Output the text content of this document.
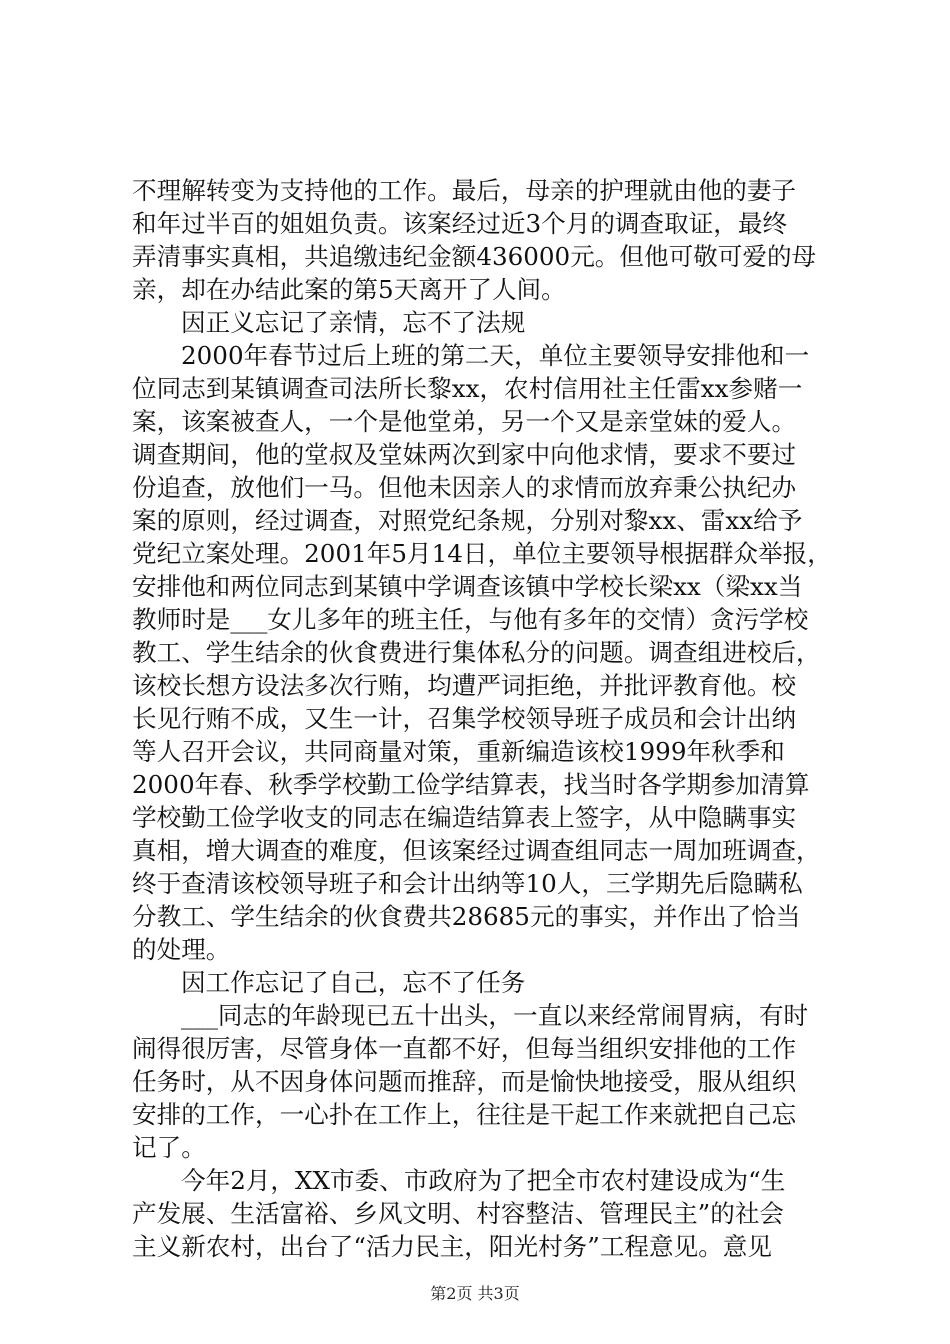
不理解转变为支持他的工作。最后，母亲的护理就由他的妻子
和年过半百的姐姐负责。该案经过近3个月的调查取证，最终
弄清事实真相，共追缴违纪金额436000元。但他可敬可爱的母
亲，却在办结此案的第5天离开了人间。
因正义忘记了亲情，忘不了法规
2000年春节过后上班的第二天，单位主要领导安排他和一
位同志到某镇调查司法所长黎xx，农村信用社主任雷xx参赌一
案，该案被查人，一个是他堂弟，另一个又是亲堂妹的爱人。
调查期间，他的堂叔及堂妹两次到家中向他求情，要求不要过
份追查，放他们一马。但他未因亲人的求情而放弃秉公执纪办
案的原则，经过调查，对照党纪条规，分别对黎xx、雷xx给予
党纪立案处理。2001年5月14日，单位主要领导根据群众举报，
安排他和两位同志到某镇中学调查该镇中学校长梁xx（梁xx当
教师时是___女儿多年的班主任，与他有多年的交情）贪污学校
教工、学生结余的伙食费进行集体私分的问题。调查组进校后，
该校长想方设法多次行贿，均遭严词拒绝，并批评教育他。校
长见行贿不成，又生一计，召集学校领导班子成员和会计出纳
等人召开会议，共同商量对策，重新编造该校1999年秋季和
2000年春、秋季学校勤工俭学结算表，找当时各学期参加清算
学校勤工俭学收支的同志在编造结算表上签字，从中隐瞒事实
真相，增大调查的难度，但该案经过调查组同志一周加班调查，
终于查清该校领导班子和会计出纳等10人，三学期先后隐瞒私
分教工、学生结余的伙食费共28685元的事实，并作出了恰当
的处理。
因工作忘记了自己，忘不了任务
___同志的年龄现已五十出头，一直以来经常闹胃病，有时
闹得很厉害，尽管身体一直都不好，但每当组织安排他的工作
任务时，从不因身体问题而推辞，而是愉快地接受，服从组织
安排的工作，一心扑在工作上，往往是干起工作来就把自己忘
记了。
今年2月，XX市委、市政府为了把全市农村建设成为“生
产发展、生活富裕、乡风文明、村容整洁、管理民主”的社会
主义新农村，出台了“活力民主，阳光村务”工程意见。意见
第2页 共3页
